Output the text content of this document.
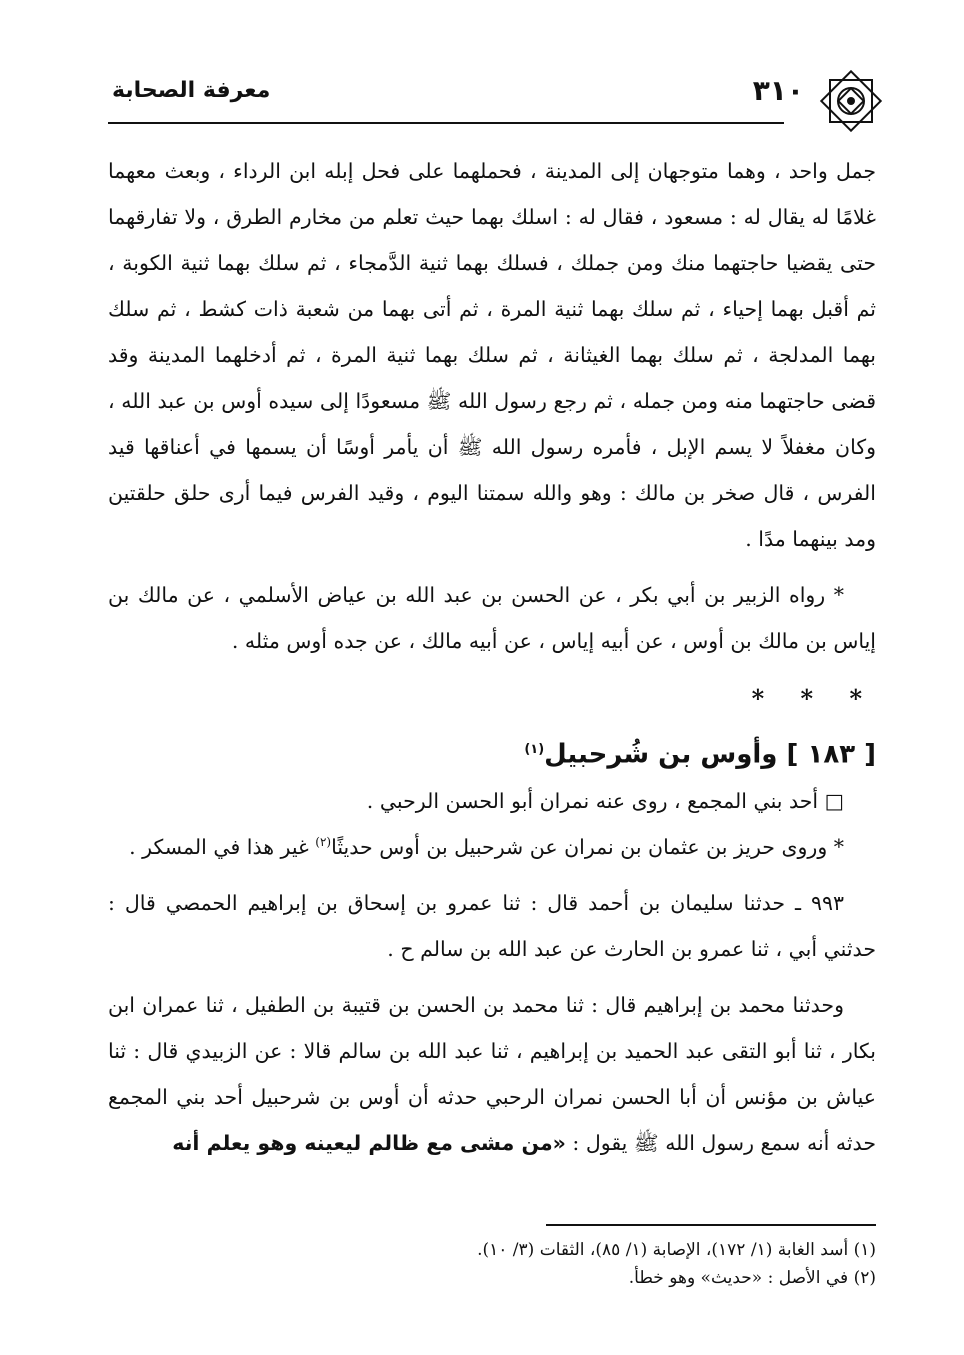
٣١٠
معرفة الصحابة

جمل واحد ، وهما متوجهان إلى المدينة ، فحملهما على فحل إبله ابن الرداء ، وبعث معهما غلامًا له يقال له : مسعود ، فقال له : اسلك بهما حيث تعلم من مخارم الطرق ، ولا تفارقهما حتى يقضيا حاجتهما منك ومن جملك ، فسلك بهما ثنية الدَّمجاء ، ثم سلك بهما ثنية الكوبة ، ثم أقبل بهما إحياء ، ثم سلك بهما ثنية المرة ، ثم أتى بهما من شعبة ذات كشط ، ثم سلك بهما المدلجة ، ثم سلك بهما الغيثانة ، ثم سلك بهما ثنية المرة ، ثم أدخلهما المدينة وقد قضى حاجتهما منه ومن جمله ، ثم رجع رسول الله ﷺ مسعودًا إلى سيده أوس بن عبد الله ، وكان مغفلاً لا يسم الإبل ، فأمره رسول الله ﷺ أن يأمر أوسًا أن يسمها في أعناقها قيد الفرس ، قال صخر بن مالك : وهو والله سمتنا اليوم ، وقيد الفرس فيما أرى حلق حلقتين ومد بينهما مدًا .

* رواه الزبير بن أبي بكر ، عن الحسن بن عبد الله بن عياض الأسلمي ، عن مالك بن إياس بن مالك بن أوس ، عن أبيه إياس ، عن أبيه مالك ، عن جده أوس مثله .

* * *
[ ١٨٣ ] وأوس بن شُرحبيل$^{(١)}$

□ أحد بني المجمع ، روى عنه نمران أبو الحسن الرحبي .

* وروى حريز بن عثمان بن نمران عن شرحبيل بن أوس حديثًا$^{(٢)}$ غير هذا في المسكر .

٩٩٣ ـ حدثنا سليمان بن أحمد قال : ثنا عمرو بن إسحاق بن إبراهيم الحمصي قال : حدثني أبي ، ثنا عمرو بن الحارث عن عبد الله بن سالم ح .

وحدثنا محمد بن إبراهيم قال : ثنا محمد بن الحسن بن قتيبة بن الطفيل ، ثنا عمران ابن بكار ، ثنا أبو التقى عبد الحميد بن إبراهيم ، ثنا عبد الله بن سالم قالا : عن الزبيدي قال : ثنا عياش بن مؤنس أن أبا الحسن نمران الرحبي حدثه أن أوس بن شرحبيل أحد بني المجمع حدثه أنه سمع رسول الله ﷺ يقول : «من مشى مع ظالم ليعينه وهو يعلم أنه

(١) أسد الغابة (١/ ١٧٢)، الإصابة (١/ ٨٥)، الثقات (٣/ ١٠).

(٢) في الأصل : «حديث» وهو خطأ.
